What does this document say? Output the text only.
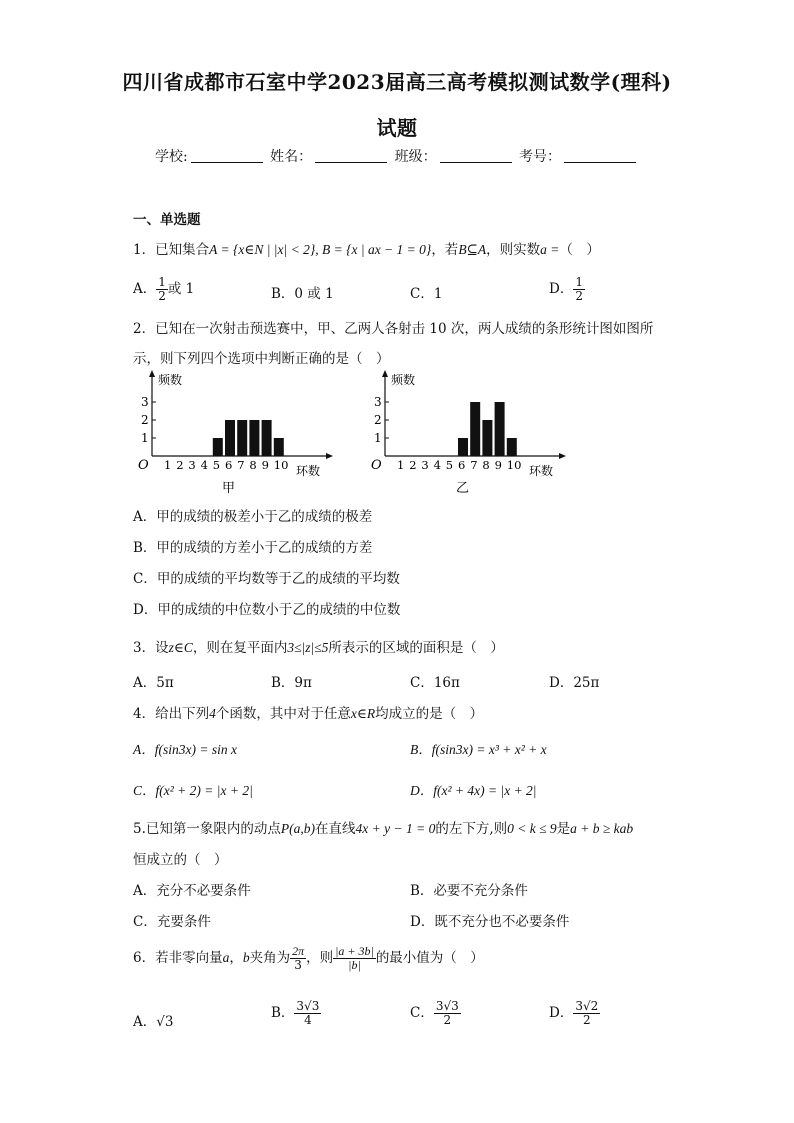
四川省成都市石室中学2023届高三高考模拟测试数学(理科)
试题
学校:	姓名：	班级：	考号：
一、单选题
1．已知集合A = {x∈N | |x| < 2}, B = {x | ax − 1 = 0}，若B⊆A，则实数a =（　）
A． $\frac{1}{2}$ 或 1	B．0 或 1	C．1	D． $\frac{1}{2}$
2．已知在一次射击预选赛中，甲、乙两人各射击 10 次，两人成绩的条形统计图如图所
示，则下列四个选项中判断正确的是（　）
频数
O
1
2
3
1 2 3 4 5 6 7 8 9 10 环数
甲
频数
O
1
2
3
1 2 3 4 5 6 7 8 9 10 环数
乙
A．甲的成绩的极差小于乙的成绩的极差
B．甲的成绩的方差小于乙的成绩的方差
C．甲的成绩的平均数等于乙的成绩的平均数
D．甲的成绩的中位数小于乙的成绩的中位数
3．设z∈C，则在复平面内3≤|z|≤5所表示的区域的面积是（　）
A．5π	B．9π	C．16π	D．25π
4．给出下列4个函数，其中对于任意x∈R均成立的是（　）
A．f(sin3x) = sin x	B．f(sin3x) = x³ + x² + x
C．f(x² + 2) = |x + 2|	D．f(x² + 4x) = |x + 2|
5.已知第一象限内的动点P(a,b)在直线4x + y − 1 = 0的左下方,则0 < k ≤ 9是a + b ≥ kab
恒成立的（　）
A．充分不必要条件	B．必要不充分条件
C．充要条件	D．既不充分也不必要条件
6．若非零向量a，b夹角为 $\frac{2\pi}{3}$ ，则 $\frac{|a + 3b|}{|b|}$ 的最小值为（　）
A．√3
B． $\frac{3√3}{4}$	C． $\frac{3√3}{2}$	D． $\frac{3√2}{2}$
